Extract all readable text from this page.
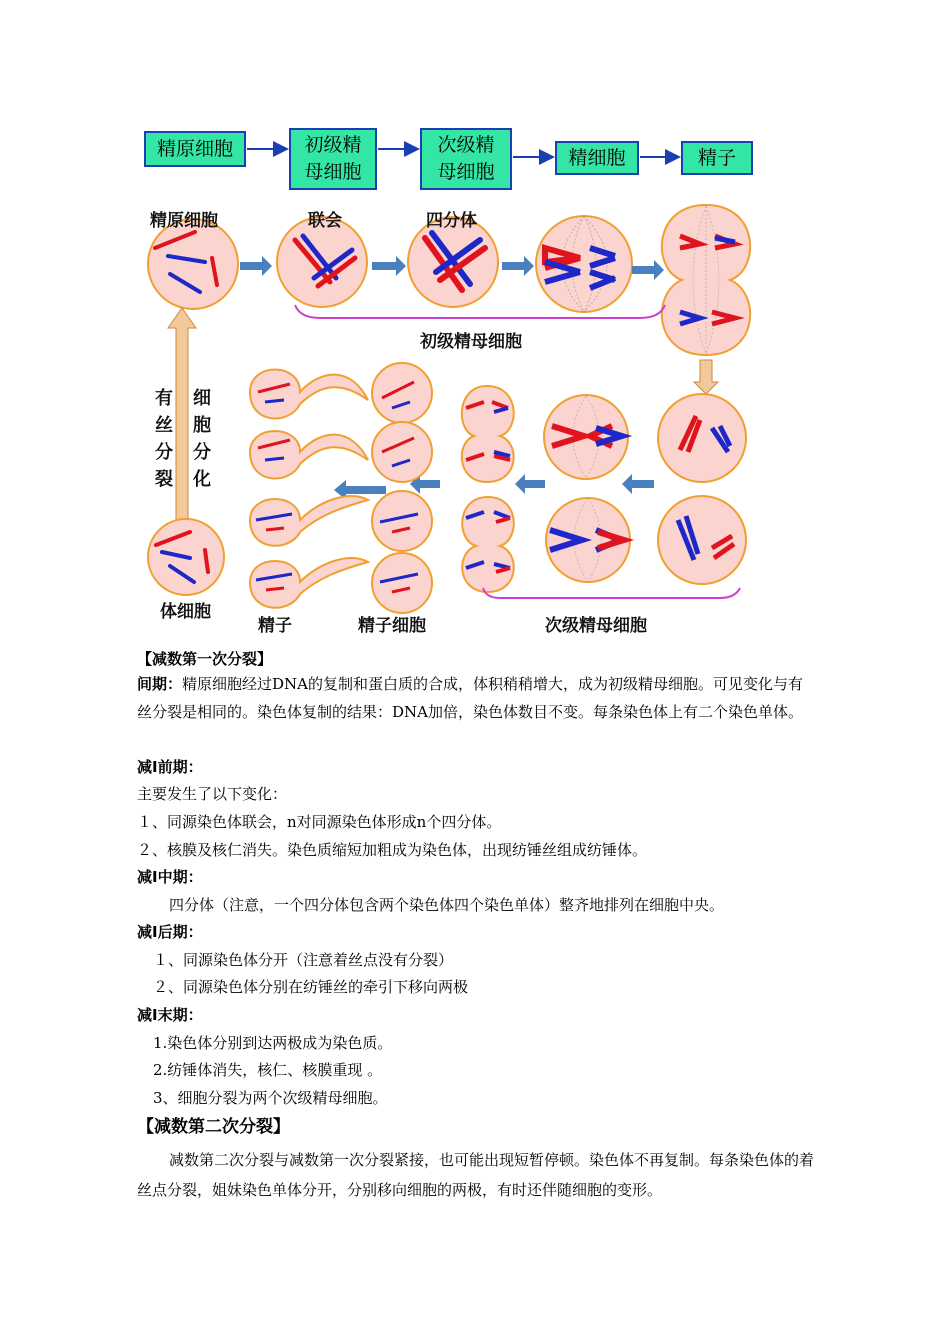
精原细胞	初级精母细胞
次级精母细胞
精细胞	精子
精原细胞	联会	四分体
初级精母细胞
有丝分裂
细胞分化
体细胞
精子	精子细胞	次级精母细胞
【减数第一次分裂】
间期：精原细胞经过DNA的复制和蛋白质的合成，体积稍稍增大，成为初级精母细胞。可见变化与有丝分裂是相同的。染色体复制的结果：DNA加倍，染色体数目不变。每条染色体上有二个染色单体。
减Ⅰ前期：
主要发生了以下变化：
１、同源染色体联会，n对同源染色体形成n个四分体。
２、核膜及核仁消失。染色质缩短加粗成为染色体，出现纺锤丝组成纺锤体。
减Ⅰ中期：
四分体（注意，一个四分体包含两个染色体四个染色单体）整齐地排列在细胞中央。
减Ⅰ后期：
１、同源染色体分开（注意着丝点没有分裂）
２、同源染色体分别在纺锤丝的牵引下移向两极
减Ⅰ末期：
1.染色体分别到达两极成为染色质。
2.纺锤体消失，核仁、核膜重现 。
3、细胞分裂为两个次级精母细胞。
【减数第二次分裂】
减数第二次分裂与减数第一次分裂紧接，也可能出现短暂停顿。染色体不再复制。每条染色体的着丝点分裂，姐妹染色单体分开，分别移向细胞的两极，有时还伴随细胞的变形。
